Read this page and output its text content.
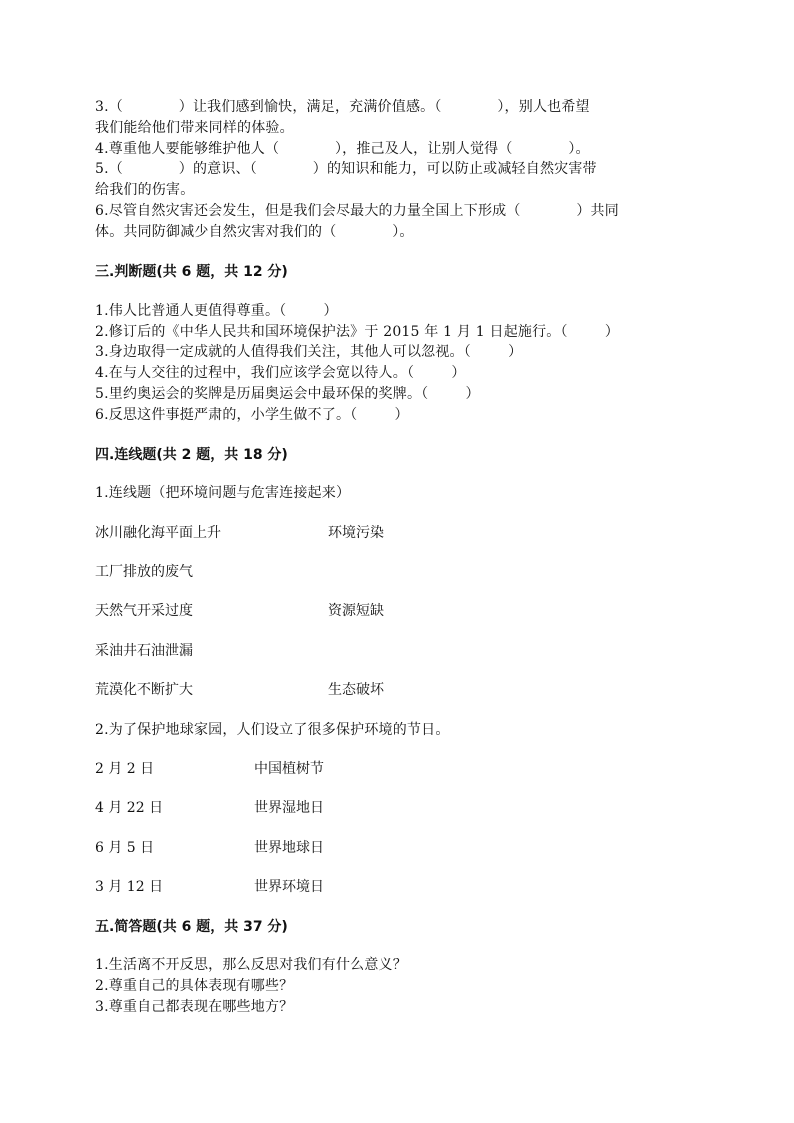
3.（            ）让我们感到愉快，满足，充满价值感。（            ），别人也希望
我们能给他们带来同样的体验。
4.尊重他人要能够维护他人（            ），推己及人，让别人觉得（            ）。
5.（            ）的意识、（            ）的知识和能力，可以防止或减轻自然灾害带
给我们的伤害。
6.尽管自然灾害还会发生，但是我们会尽最大的力量全国上下形成（            ）共同
体。共同防御减少自然灾害对我们的（            ）。
三.判断题(共 6 题，共 12 分)
1.伟人比普通人更值得尊重。（        ）
2.修订后的《中华人民共和国环境保护法》于 2015 年 1 月 1 日起施行。（        ）
3.身边取得一定成就的人值得我们关注，其他人可以忽视。（        ）
4.在与人交往的过程中，我们应该学会宽以待人。（        ）
5.里约奥运会的奖牌是历届奥运会中最环保的奖牌。（        ）
6.反思这件事挺严肃的，小学生做不了。（        ）
四.连线题(共 2 题，共 18 分)
1.连线题（把环境问题与危害连接起来）
冰川融化海平面上升
工厂排放的废气
天然气开采过度
采油井石油泄漏
荒漠化不断扩大
环境污染
资源短缺
生态破坏
2.为了保护地球家园，人们设立了很多保护环境的节日。
2 月 2 日
4 月 22 日
6 月 5 日
3 月 12 日
中国植树节
世界湿地日
世界地球日
世界环境日
五.简答题(共 6 题，共 37 分)
1.生活离不开反思，那么反思对我们有什么意义？
2.尊重自己的具体表现有哪些？
3.尊重自己都表现在哪些地方？
